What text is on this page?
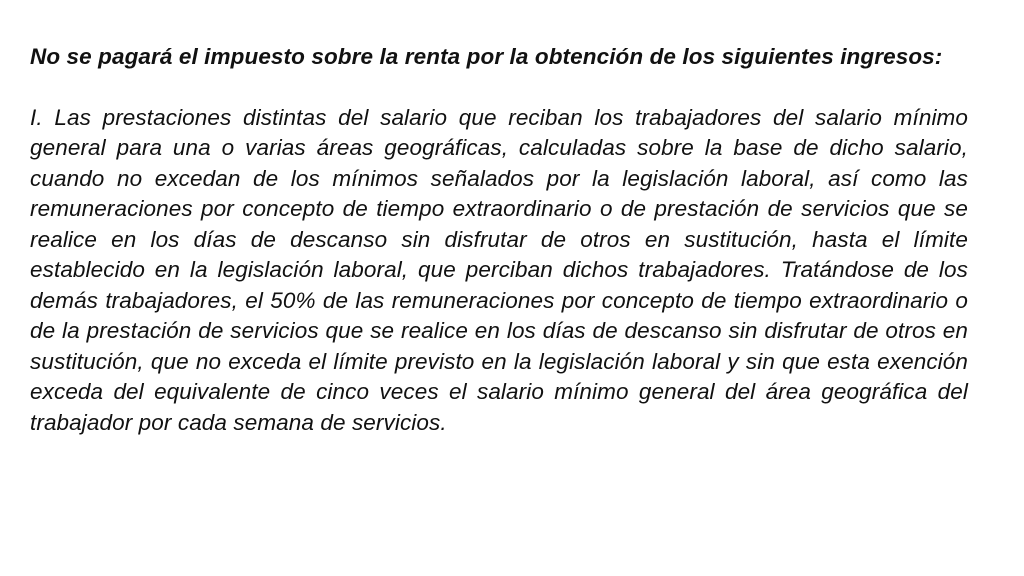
No se pagará el impuesto sobre la renta por la obtención de los siguientes ingresos:

I. Las prestaciones distintas del salario que reciban los trabajadores del salario mínimo general para una o varias áreas geográficas, calculadas sobre la base de dicho salario, cuando no excedan de los mínimos señalados por la legislación laboral, así como las remuneraciones por concepto de tiempo extraordinario o de prestación de servicios que se realice en los días de descanso sin disfrutar de otros en sustitución, hasta el límite establecido en la legislación laboral, que perciban dichos trabajadores. Tratándose de los demás trabajadores, el 50% de las remuneraciones por concepto de tiempo extraordinario o de la prestación de servicios que se realice en los días de descanso sin disfrutar de otros en sustitución, que no exceda el límite previsto en la legislación laboral y sin que esta exención exceda del equivalente de cinco veces el salario mínimo general del área geográfica del trabajador por cada semana de servicios.
